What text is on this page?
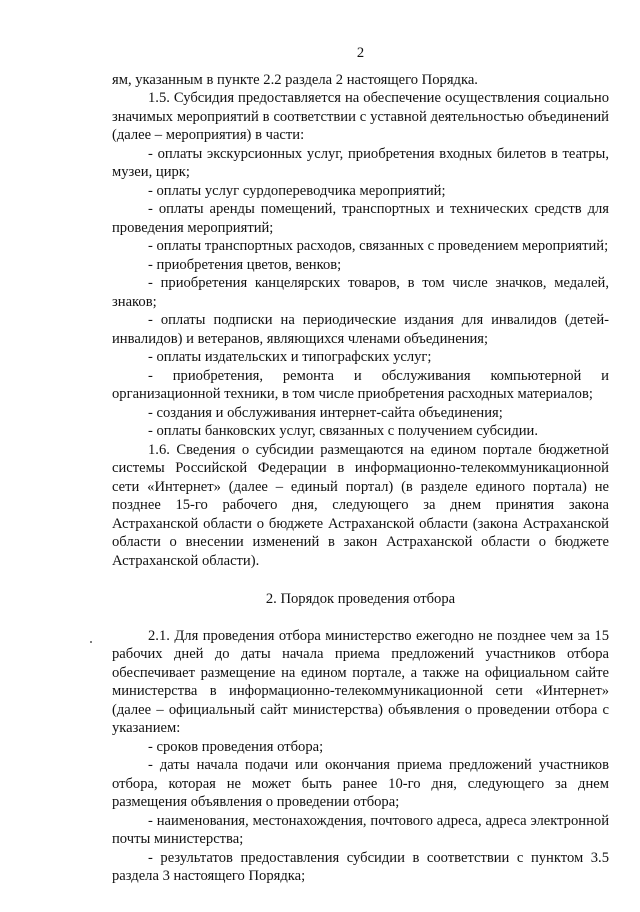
2

ям, указанным в пункте 2.2 раздела 2 настоящего Порядка.

1.5. Субсидия предоставляется на обеспечение осуществления социально значимых мероприятий в соответствии с уставной деятельностью объединений (далее – мероприятия) в части:

- оплаты экскурсионных услуг, приобретения входных билетов в театры, музеи, цирк;

- оплаты услуг сурдопереводчика мероприятий;

- оплаты аренды помещений, транспортных и технических средств для проведения мероприятий;

- оплаты транспортных расходов, связанных с проведением мероприятий;

- приобретения цветов, венков;

- приобретения канцелярских товаров, в том числе значков, медалей, знаков;

- оплаты подписки на периодические издания для инвалидов (детей-инвалидов) и ветеранов, являющихся членами объединения;

- оплаты издательских и типографских услуг;

- приобретения, ремонта и обслуживания компьютерной и организационной техники, в том числе приобретения расходных материалов;

- создания и обслуживания интернет-сайта объединения;

- оплаты банковских услуг, связанных с получением субсидии.

1.6. Сведения о субсидии размещаются на едином портале бюджетной системы Российской Федерации в информационно-телекоммуникационной сети «Интернет» (далее – единый портал) (в разделе единого портала) не позднее 15-го рабочего дня, следующего за днем принятия закона Астраханской области о бюджете Астраханской области (закона Астраханской области о внесении изменений в закон Астраханской области о бюджете Астраханской области).

2. Порядок проведения отбора

2.1. Для проведения отбора министерство ежегодно не позднее чем за 15 рабочих дней до даты начала приема предложений участников отбора обеспечивает размещение на едином портале, а также на официальном сайте министерства в информационно-телекоммуникационной сети «Интернет» (далее – официальный сайт министерства) объявления о проведении отбора с указанием:

- сроков проведения отбора;

- даты начала подачи или окончания приема предложений участников отбора, которая не может быть ранее 10-го дня, следующего за днем размещения объявления о проведении отбора;

- наименования, местонахождения, почтового адреса, адреса электронной почты министерства;

- результатов предоставления субсидии в соответствии с пунктом 3.5 раздела 3 настоящего Порядка;
